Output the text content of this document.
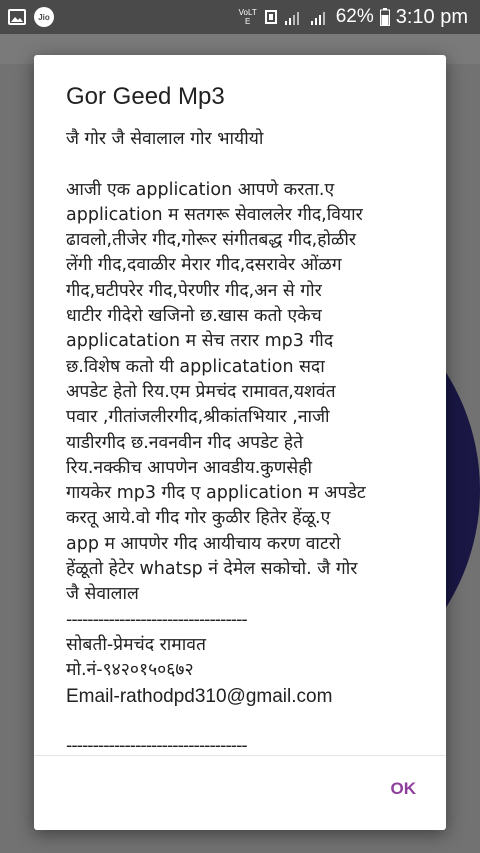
Jio	VoLTE	62% 3:10 pm
Gor Geed Mp3
जै गोर जै सेवालाल गोर भायीयो
आजी एक application आपणे करता.ए
application म सतगरू सेवाललेर गीद,वियार
ढावलो,तीजेर गीद,गोरूर संगीतबद्ध गीद,होळीर
लेंगी गीद,दवाळीर मेरार गीद,दसरावेर ओंळग
गीद,घटीपरेर गीद,पेरणीर गीद,अन से गोर
धाटीर गीदेरो खजिनो छ.खास कतो एकेच
applicatation म सेच तरार mp3 गीद
छ.विशेष कतो यी applicatation सदा
अपडेट हेतो रिय.एम प्रेमचंद रामावत,यशवंत
पवार ,गीतांजलीरगीद,श्रीकांतभियार ,नाजी
याडीरगीद छ.नवनवीन गीद अपडेट हेते
रिय.नक्कीच आपणेन आवडीय.कुणसेही
गायकेर mp3 गीद ए application म अपडेट
करतू आये.वो गीद गोर कुळीर हितेर हेंळू.ए
app म आपणेर गीद आयीचाय करण वाटरो
हेंळूतो हेटेर whatsp नं देमेल सकोचो. जै गोर
जै सेवालाल
----------------------------------
सोबती-प्रेमचंद रामावत
मो.नं-९४२०१५०६७२
Email-rathodpd310@gmail.com
----------------------------------
OK
